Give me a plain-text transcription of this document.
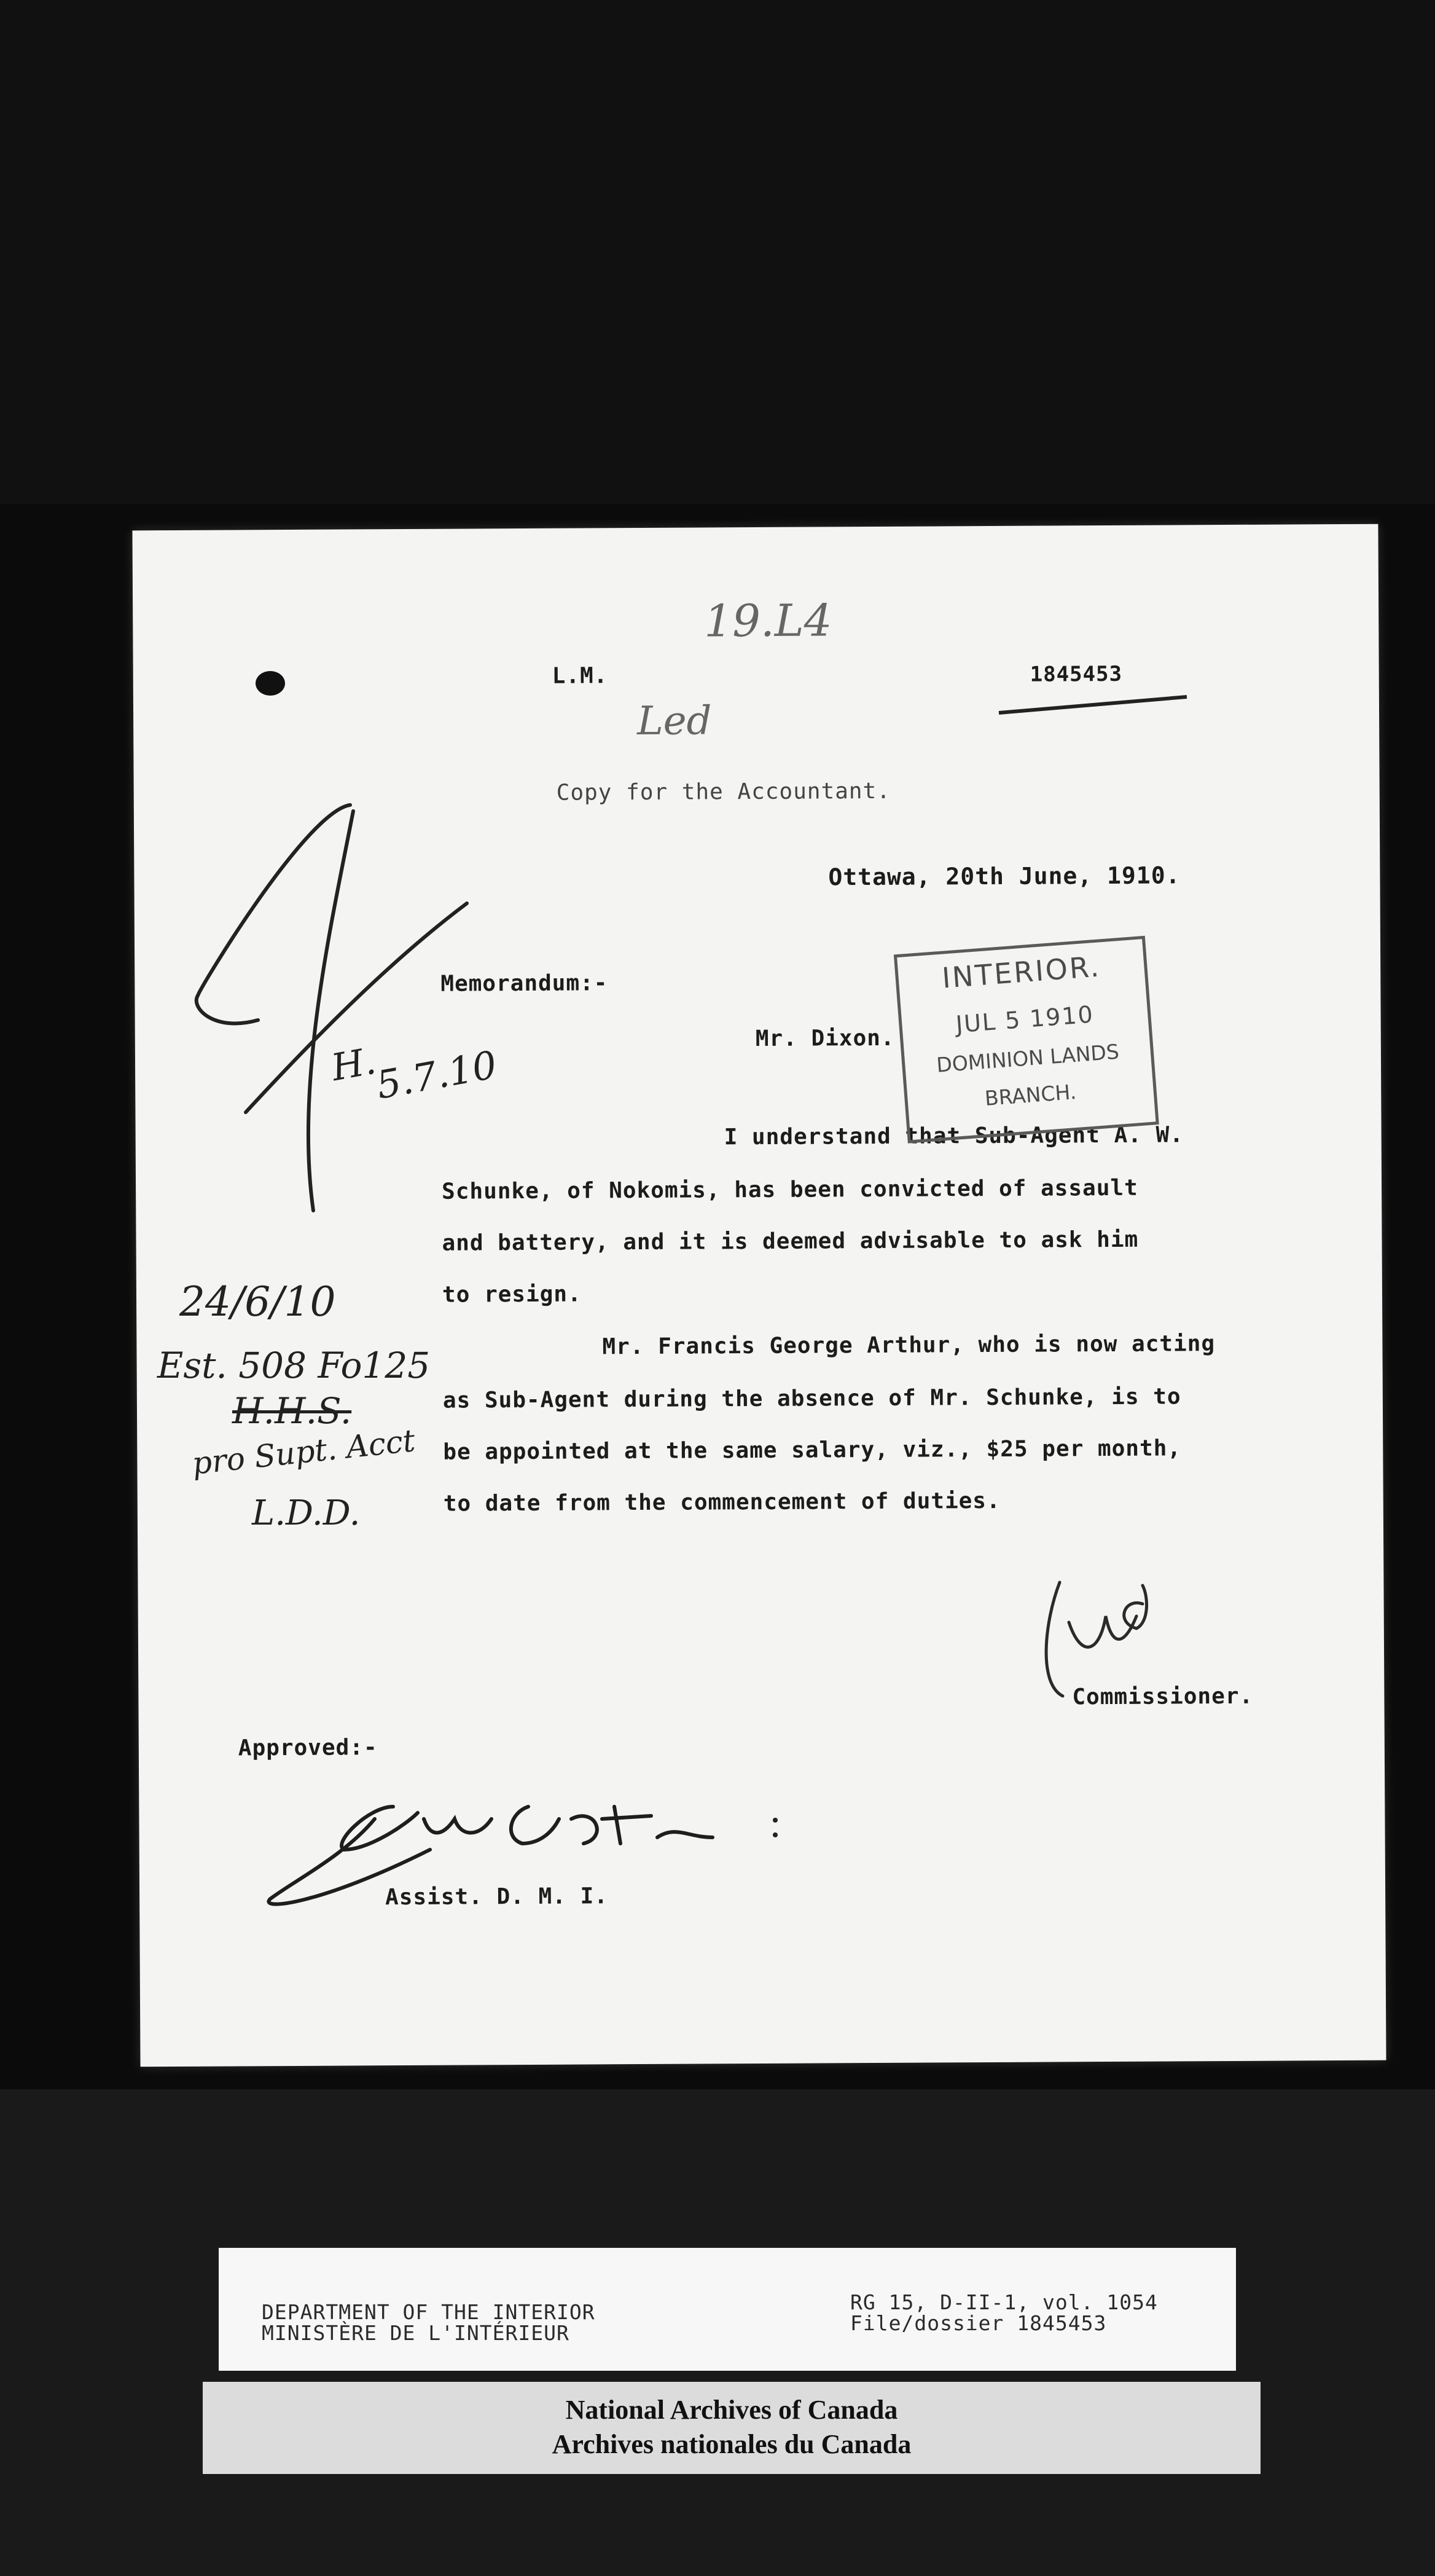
L.M.	1845453
19.L4
Led
Copy for the Accountant.
Ottawa, 20th June, 1910.
Memorandum:-
Mr. Dixon.
I understand that Sub-Agent A. W.
Schunke, of Nokomis, has been convicted of assault
and battery, and it is deemed advisable to ask him
to resign.
Mr. Francis George Arthur, who is now acting
as Sub-Agent during the absence of Mr. Schunke, is to
be appointed at the same salary, viz., $25 per month,
to date from the commencement of duties.
Commissioner.
Approved:-
Assist. D. M. I.
5.7.10
H.
INTERIOR.
JUL 5 1910
DOMINION LANDS
BRANCH.
24/6/10
Est. 508 Fo125
H.H.S.
pro Supt. Acct
L.D.D.
DEPARTMENT OF THE INTERIOR
MINISTÈRE DE L'INTÉRIEUR
RG 15, D-II-1, vol. 1054
File/dossier 1845453
National Archives of Canada
Archives nationales du Canada
